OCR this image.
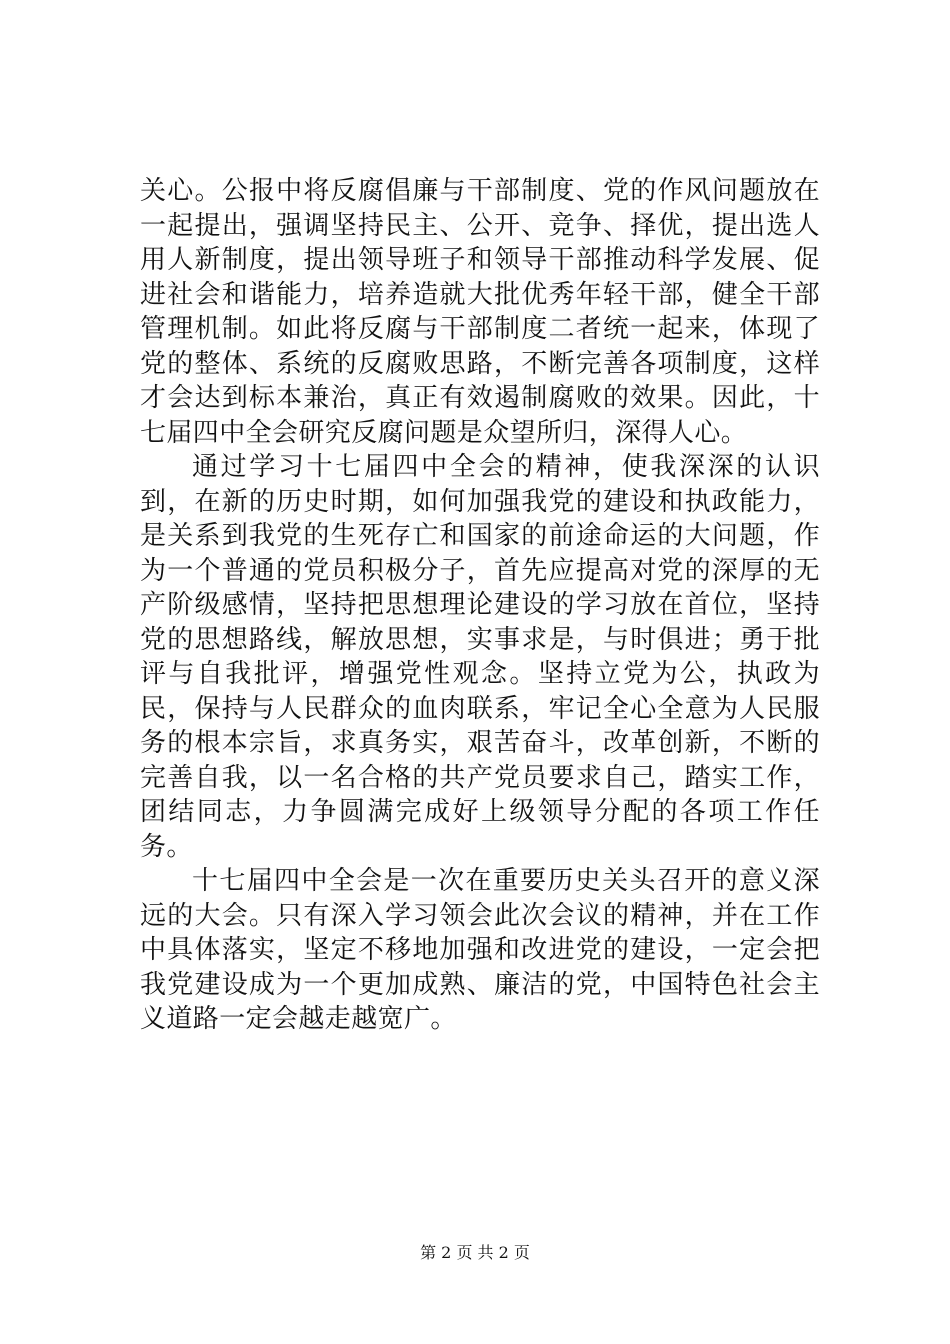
关心。公报中将反腐倡廉与干部制度、党的作风问题放在一起提出，强调坚持民主、公开、竞争、择优，提出选人用人新制度，提出领导班子和领导干部推动科学发展、促进社会和谐能力，培养造就大批优秀年轻干部，健全干部管理机制。如此将反腐与干部制度二者统一起来，体现了党的整体、系统的反腐败思路，不断完善各项制度，这样才会达到标本兼治，真正有效遏制腐败的效果。因此，十七届四中全会研究反腐问题是众望所归，深得人心。

通过学习十七届四中全会的精神，使我深深的认识到，在新的历史时期，如何加强我党的建设和执政能力，是关系到我党的生死存亡和国家的前途命运的大问题，作为一个普通的党员积极分子，首先应提高对党的深厚的无产阶级感情，坚持把思想理论建设的学习放在首位，坚持党的思想路线，解放思想，实事求是，与时俱进；勇于批评与自我批评，增强党性观念。坚持立党为公，执政为民，保持与人民群众的血肉联系，牢记全心全意为人民服务的根本宗旨，求真务实，艰苦奋斗，改革创新，不断的完善自我，以一名合格的共产党员要求自己，踏实工作，团结同志，力争圆满完成好上级领导分配的各项工作任务。

十七届四中全会是一次在重要历史关头召开的意义深远的大会。只有深入学习领会此次会议的精神，并在工作中具体落实，坚定不移地加强和改进党的建设，一定会把我党建设成为一个更加成熟、廉洁的党，中国特色社会主义道路一定会越走越宽广。

第 2 页 共 2 页
